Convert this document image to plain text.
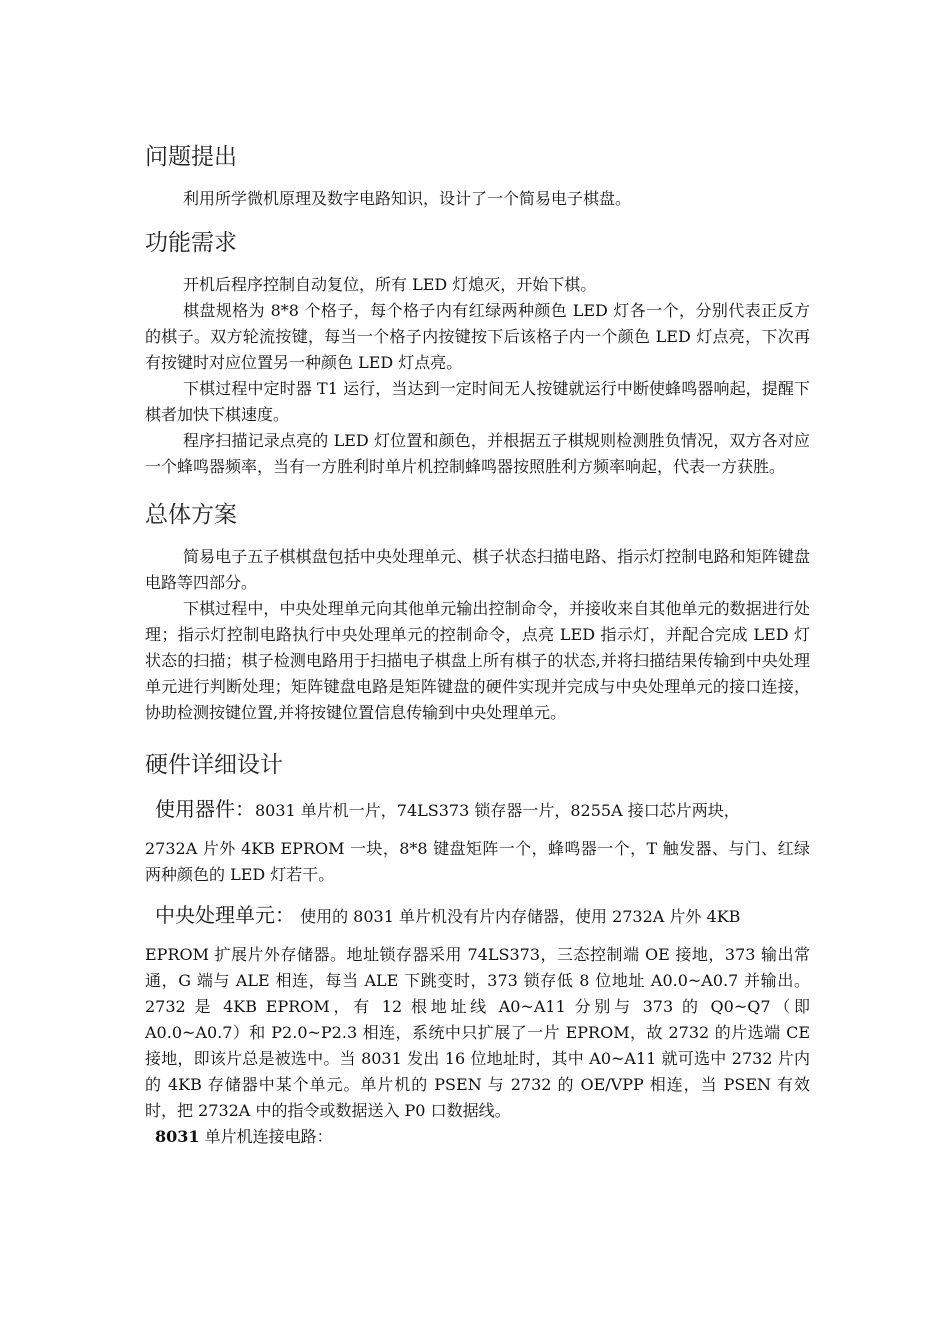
问题提出

利用所学微机原理及数字电路知识，设计了一个简易电子棋盘。

功能需求

开机后程序控制自动复位，所有 LED 灯熄灭，开始下棋。

棋盘规格为 8*8 个格子，每个格子内有红绿两种颜色 LED 灯各一个，分别代表正反方的棋子。双方轮流按键，每当一个格子内按键按下后该格子内一个颜色 LED 灯点亮，下次再有按键时对应位置另一种颜色 LED 灯点亮。

下棋过程中定时器 T1 运行，当达到一定时间无人按键就运行中断使蜂鸣器响起，提醒下棋者加快下棋速度。

程序扫描记录点亮的 LED 灯位置和颜色，并根据五子棋规则检测胜负情况，双方各对应一个蜂鸣器频率，当有一方胜利时单片机控制蜂鸣器按照胜利方频率响起，代表一方获胜。

总体方案

简易电子五子棋棋盘包括中央处理单元、棋子状态扫描电路、指示灯控制电路和矩阵键盘电路等四部分。

下棋过程中，中央处理单元向其他单元输出控制命令，并接收来自其他单元的数据进行处理；指示灯控制电路执行中央处理单元的控制命令，点亮 LED 指示灯，并配合完成 LED 灯状态的扫描；棋子检测电路用于扫描电子棋盘上所有棋子的状态,并将扫描结果传输到中央处理单元进行判断处理；矩阵键盘电路是矩阵键盘的硬件实现并完成与中央处理单元的接口连接，协助检测按键位置,并将按键位置信息传输到中央处理单元。

硬件详细设计

使用器件：8031 单片机一片，74LS373 锁存器一片，8255A 接口芯片两块，

2732A 片外 4KB EPROM 一块，8*8 键盘矩阵一个，蜂鸣器一个，T 触发器、与门、红绿两种颜色的 LED 灯若干。

中央处理单元： 使用的 8031 单片机没有片内存储器，使用 2732A 片外 4KB

EPROM 扩展片外存储器。地址锁存器采用 74LS373，三态控制端 OE 接地，373 输出常通，G 端与 ALE 相连，每当 ALE 下跳变时，373 锁存低 8 位地址 A0.0~A0.7 并输出。2732 是 4KB EPROM，有 12 根地址线 A0~A11 分别与 373 的 Q0~Q7（即 A0.0~A0.7）和 P2.0~P2.3 相连，系统中只扩展了一片 EPROM，故 2732 的片选端 CE 接地，即该片总是被选中。当 8031 发出 16 位地址时，其中 A0~A11 就可选中 2732 片内的 4KB 存储器中某个单元。单片机的 PSEN 与 2732 的 OE/VPP 相连，当 PSEN 有效时，把 2732A 中的指令或数据送入 P0 口数据线。

8031 单片机连接电路：
